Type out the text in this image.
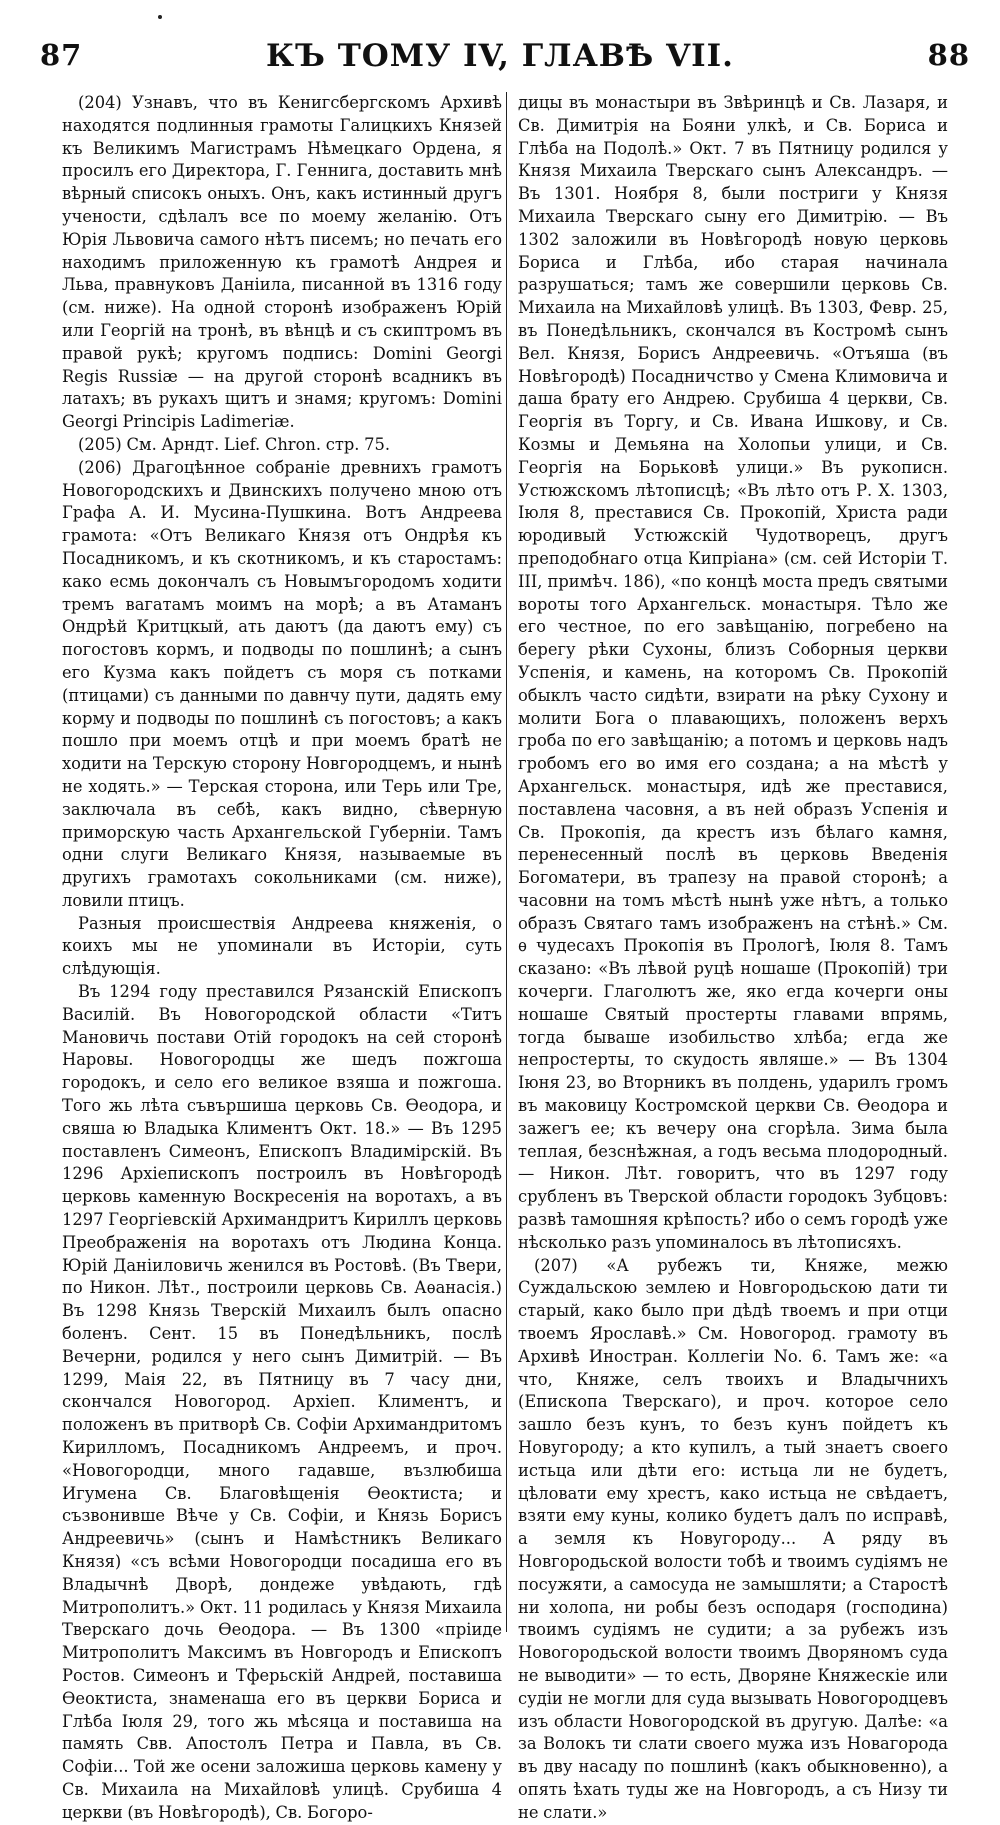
87	КЪ ТОМУ IV, ГЛАВѢ VII.	88

(204) Узнавъ, что въ Кенигсбергскомъ Архивѣ находятся подлинныя грамоты Галицкихъ Князей къ Великимъ Магистрамъ Нѣмецкаго Ордена, я просилъ его Директора, Г. Геннига, доставить мнѣ вѣрный списокъ оныхъ. Онъ, какъ истинный другъ учености, сдѣлалъ все по моему желанію. Отъ Юрія Львовича самого нѣтъ писемъ; но печать его находимъ приложенную къ грамотѣ Андрея и Льва, правнуковъ Даніила, писанной въ 1316 году (см. ниже). На одной сторонѣ изображенъ Юрій или Георгій на тронѣ, въ вѣнцѣ и съ скиптромъ въ правой рукѣ; кругомъ подпись: Domini Georgi Regis Russiæ — на другой сторонѣ всадникъ въ латахъ; въ рукахъ щитъ и знамя; кругомъ: Domini Georgi Principis Ladimeriæ.

(205) См. Арндт. Lief. Chron. стр. 75.

(206) Драгоцѣнное собраніе древнихъ грамотъ Новогородскихъ и Двинскихъ получено мною отъ Графа А. И. Мусина-Пушкина. Вотъ Андреева грамота: «Отъ Великаго Князя отъ Ондрѣя къ Посадникомъ, и къ скотникомъ, и къ старостамъ: како есмь докончалъ съ Новымъгородомъ ходити тремъ вагатамъ моимъ на морѣ; а въ Атаманъ Ондрѣй Критцкый, ать даютъ (да даютъ ему) съ погостовъ кормъ, и подводы по пошлинѣ; а сынъ его Кузма какъ пойдетъ съ моря съ потками (птицами) съ данными по давнчу пути, дадять ему корму и подводы по пошлинѣ съ погостовъ; а какъ пошло при моемъ отцѣ и при моемъ братѣ не ходити на Терскую сторону Новгородцемъ, и нынѣ не ходять.» — Терская сторона, или Терь или Тре, заключала въ себѣ, какъ видно, сѣверную приморскую часть Архангельской Губерніи. Тамъ одни слуги Великаго Князя, называемые въ другихъ грамотахъ сокольниками (см. ниже), ловили птицъ.

Разныя происшествія Андреева княженія, о коихъ мы не упоминали въ Исторіи, суть слѣдующія.

Въ 1294 году преставился Рязанскій Епископъ Василій. Въ Новогородской области «Титъ Мановичь постави Отій городокъ на сей сторонѣ Наровы. Новогородцы же шедъ пожгоша городокъ, и село его великое взяша и пожгоша. Того жь лѣта съвършиша церковь Св. Ѳеодора, и свяша ю Владыка Климентъ Окт. 18.» — Въ 1295 поставленъ Симеонъ, Епископъ Владимірскій. Въ 1296 Архіепископъ построилъ въ Новѣгородѣ церковь каменную Воскресенія на воротахъ, а въ 1297 Георгіевскій Архимандритъ Кириллъ церковь Преображенія на воротахъ отъ Людина Конца. Юрій Даніиловичь женился въ Ростовѣ. (Въ Твери, по Никон. Лѣт., построили церковь Св. Аѳанасія.) Въ 1298 Князь Тверскій Михаилъ былъ опасно боленъ. Сент. 15 въ Понедѣльникъ, послѣ Вечерни, родился у него сынъ Димитрій. — Въ 1299, Маія 22, въ Пятницу въ 7 часу дни, скончался Новогород. Архіеп. Климентъ, и положенъ въ притворѣ Св. Софіи Архимандритомъ Кирилломъ, Посадникомъ Андреемъ, и проч. «Новогородци, много гадавше, възлюбиша Игумена Св. Благовѣщенія Ѳеоктиста; и съзвонивше Вѣче у Св. Софіи, и Князь Борисъ Андреевичь» (сынъ и Намѣстникъ Великаго Князя) «съ всѣми Новогородци посадиша его въ Владычнѣ Дворѣ, дондеже увѣдають, гдѣ Митрополитъ.» Окт. 11 родилась у Князя Михаила Тверскаго дочь Ѳеодора. — Въ 1300 «пріиде Митрополитъ Максимъ въ Новгородъ и Епископъ Ростов. Симеонъ и Тферьскій Андрей, поставиша Ѳеоктиста, знаменаша его въ церкви Бориса и Глѣба Іюля 29, того жь мѣсяца и поставиша на память Свв. Апостолъ Петра и Павла, въ Св. Софіи... Той же осени заложиша церковь камену у Св. Михаила на Михайловѣ улицѣ. Срубиша 4 церкви (въ Новѣгородѣ), Св. Богоро-

дицы въ монастыри въ Звѣринцѣ и Св. Лазаря, и Св. Димитрія на Бояни улкѣ, и Св. Бориса и Глѣба на Подолѣ.» Окт. 7 въ Пятницу родился у Князя Михаила Тверскаго сынъ Александръ. — Въ 1301. Ноября 8, были постриги у Князя Михаила Тверскаго сыну его Димитрію. — Въ 1302 заложили въ Новѣгородѣ новую церковь Бориса и Глѣба, ибо старая начинала разрушаться; тамъ же совершили церковь Св. Михаила на Михайловѣ улицѣ. Въ 1303, Февр. 25, въ Понедѣльникъ, скончался въ Костромѣ сынъ Вел. Князя, Борисъ Андреевичь. «Отъяша (въ Новѣгородѣ) Посадничство у Смена Климовича и даша брату его Андрею. Срубиша 4 церкви, Св. Георгія въ Торгу, и Св. Ивана Ишкову, и Св. Козмы и Демьяна на Холопьи улици, и Св. Георгія на Борьковѣ улици.» Въ рукописн. Устюжскомъ лѣтописцѣ; «Въ лѣто отъ Р. Х. 1303, Іюля 8, преставися Св. Прокопій, Христа ради юродивый Устюжскій Чудотворецъ, другъ преподобнаго отца Кипріана» (см. сей Исторіи Т. III, примѣч. 186), «по концѣ моста предъ святыми вороты того Архангельск. монастыря. Тѣло же его честное, по его завѣщанію, погребено на берегу рѣки Сухоны, близъ Соборныя церкви Успенія, и камень, на которомъ Св. Прокопій обыклъ часто сидѣти, взирати на рѣку Сухону и молити Бога о плавающихъ, положенъ верхъ гроба по его завѣщанію; а потомъ и церковь надъ гробомъ его во имя его создана; а на мѣстѣ у Архангельск. монастыря, идѣ же преставися, поставлена часовня, а въ ней образъ Успенія и Св. Прокопія, да крестъ изъ бѣлаго камня, перенесенный послѣ въ церковь Введенія Богоматери, въ трапезу на правой сторонѣ; а часовни на томъ мѣстѣ нынѣ уже нѣтъ, а только образъ Святаго тамъ изображенъ на стѣнѣ.» См. ѳ чудесахъ Прокопія въ Прологѣ, Іюля 8. Тамъ сказано: «Въ лѣвой руцѣ ношаше (Прокопій) три кочерги. Глаголютъ же, яко егда кочерги оны ношаше Святый простерты главами впрямь, тогда бываше изобильство хлѣба; егда же непростерты, то скудость являше.» — Въ 1304 Іюня 23, во Вторникъ въ полдень, ударилъ громъ въ маковицу Костромской церкви Св. Ѳеодора и зажегъ ее; къ вечеру она сгорѣла. Зима была теплая, безснѣжная, а годъ весьма плодородный. — Никон. Лѣт. говоритъ, что въ 1297 году срубленъ въ Тверской области городокъ Зубцовъ: развѣ тамошняя крѣпость? ибо о семъ городѣ уже нѣсколько разъ упоминалось въ лѣтописяхъ.

(207) «А рубежъ ти, Княже, межю Суждальскою землею и Новгородьскою дати ти старый, како было при дѣдѣ твоемъ и при отци твоемъ Ярославѣ.» См. Новогород. грамоту въ Архивѣ Иностран. Коллегіи No. 6. Тамъ же: «а что, Княже, селъ твоихъ и Владычнихъ (Епископа Тверскаго), и проч. которое село зашло безъ кунъ, то безъ кунъ пойдетъ къ Новугороду; а кто купилъ, а тый знаетъ своего истьца или дѣти его: истьца ли не будетъ, цѣловати ему хрестъ, како истьца не свѣдаетъ, взяти ему куны, колико будетъ далъ по исправѣ, а земля къ Новугороду... А ряду въ Новгородьской волости тобѣ и твоимъ судіямъ не посужяти, а самосуда не замышляти; а Старостѣ ни холопа, ни робы безъ осподаря (господина) твоимъ судіямъ не судити; а за рубежъ изъ Новогородьской волости твоимъ Дворяномъ суда не выводити» — то есть, Дворяне Княжескіе или судіи не могли для суда вызывать Новогородцевъ изъ области Новогородской въ другую. Далѣе: «а за Волокъ ти слати своего мужа изъ Новагорода въ дву насаду по пошлинѣ (какъ обыкновенно), а опять ѣхать туды же на Новгородъ, а съ Низу ти не слати.»
